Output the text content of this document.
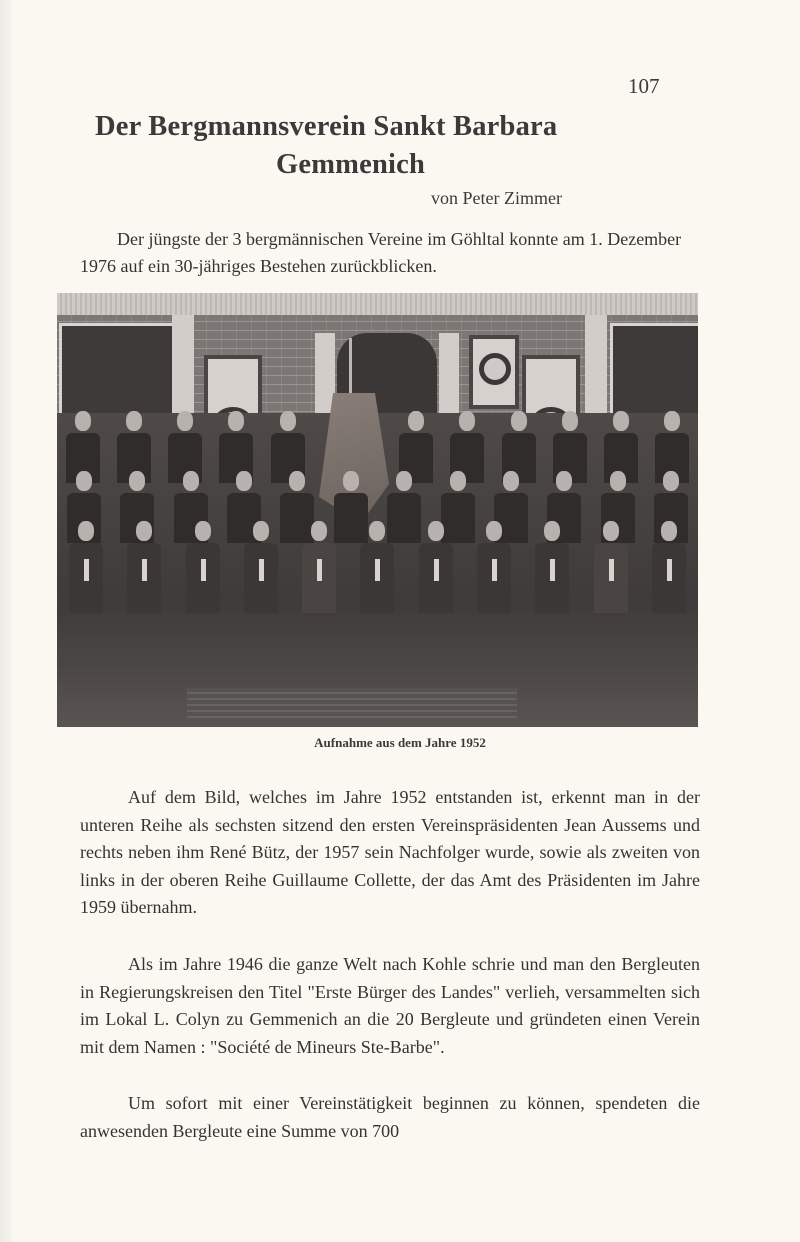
107
Der Bergmannsverein Sankt Barbara
Gemmenich
von Peter Zimmer

Der jüngste der 3 bergmännischen Vereine im Göhltal konnte am 1. Dezember 1976 auf ein 30-jähriges Bestehen zurückblicken.

Aufnahme aus dem Jahre 1952

Auf dem Bild, welches im Jahre 1952 entstanden ist, erkennt man in der unteren Reihe als sechsten sitzend den ersten Vereinspräsidenten Jean Aussems und rechts neben ihm René Bütz, der 1957 sein Nachfolger wurde, sowie als zweiten von links in der oberen Reihe Guillaume Collette, der das Amt des Präsidenten im Jahre 1959 übernahm.

Als im Jahre 1946 die ganze Welt nach Kohle schrie und man den Bergleuten in Regierungskreisen den Titel "Erste Bürger des Landes" verlieh, versammelten sich im Lokal L. Colyn zu Gemmenich an die 20 Bergleute und gründeten einen Verein mit dem Namen : "Société de Mineurs Ste-Barbe".

Um sofort mit einer Vereinstätigkeit beginnen zu können, spendeten die anwesenden Bergleute eine Summe von 700
